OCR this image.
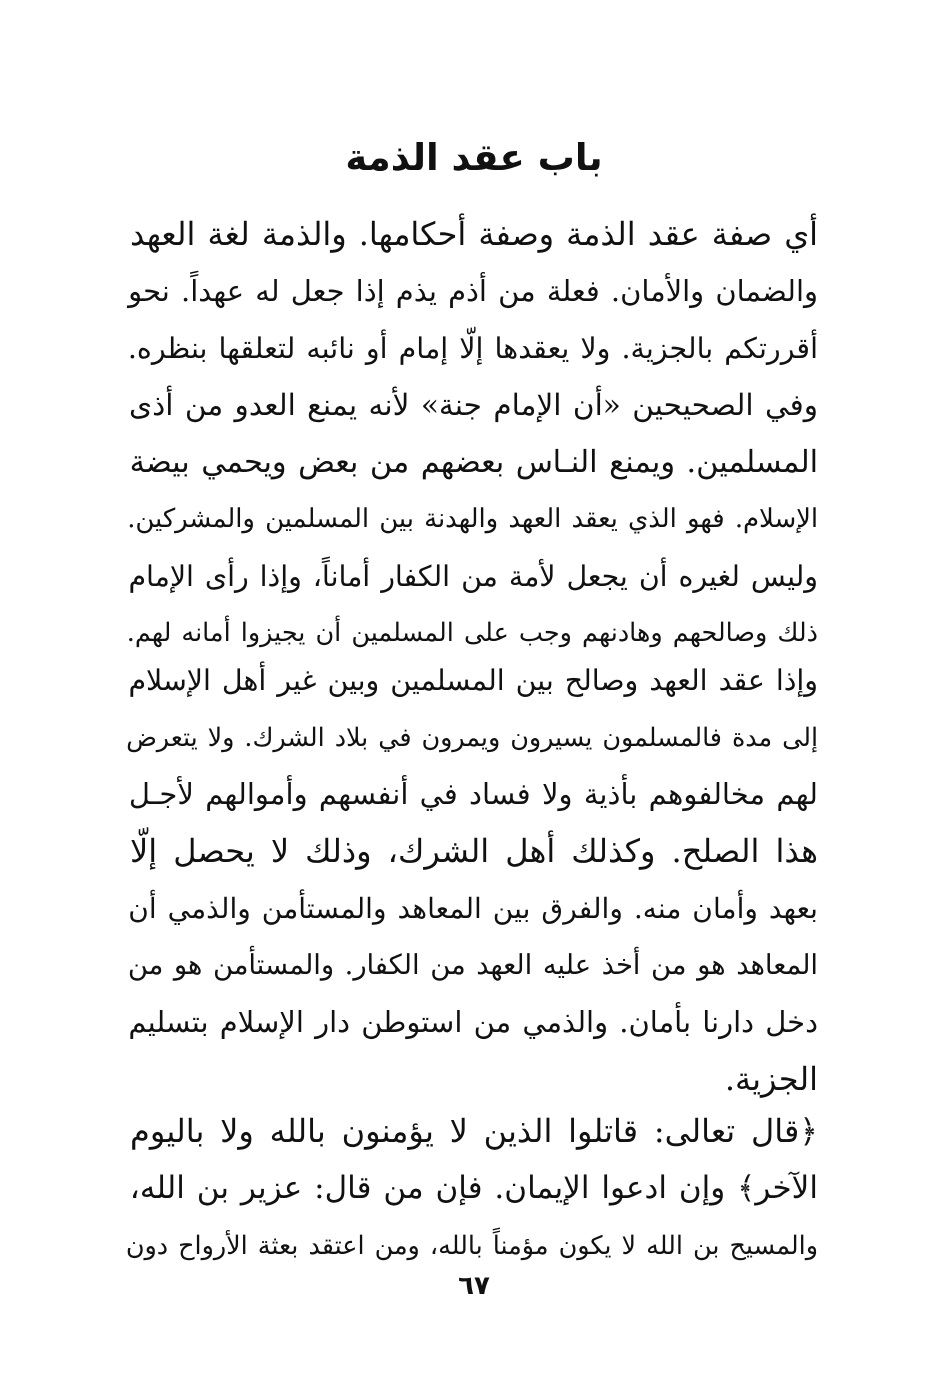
باب عقد الذمة
أي صفة عقد الذمة وصفة أحكامها. والذمة لغة العهد
والضمان والأمان. فعلة من أذم يذم إذا جعل له عهداً. نحو
أقررتكم بالجزية. ولا يعقدها إلّا إمام أو نائبه لتعلقها بنظره.
وفي الصحيحين «أن الإمام جنة» لأنه يمنع العدو من أذى
المسلمين. ويمنع النـاس بعضهم من بعض ويحمي بيضة
الإسلام. فهو الذي يعقد العهد والهدنة بين المسلمين والمشركين.
وليس لغيره أن يجعل لأمة من الكفار أماناً، وإذا رأى الإمام
ذلك وصالحهم وهادنهم وجب على المسلمين أن يجيزوا أمانه لهم.
وإذا عقد العهد وصالح بين المسلمين وبين غير أهل الإسلام
إلى مدة فالمسلمون يسيرون ويمرون في بلاد الشرك. ولا يتعرض
لهم مخالفوهم بأذية ولا فساد في أنفسهم وأموالهم لأجـل
هذا الصلح. وكذلك أهل الشرك، وذلك لا يحصل إلّا
بعهد وأمان منه. والفرق بين المعاهد والمستأمن والذمي أن
المعاهد هو من أخذ عليه العهد من الكفار. والمستأمن هو من
دخل دارنا بأمان. والذمي من استوطن دار الإسلام بتسليم
الجزية.
﴿قال تعالى: قاتلوا الذين لا يؤمنون بالله ولا باليوم
الآخر﴾ وإن ادعوا الإيمان. فإن من قال: عزير بن الله،
والمسيح بن الله لا يكون مؤمناً بالله، ومن اعتقد بعثة الأرواح دون
٦٧
